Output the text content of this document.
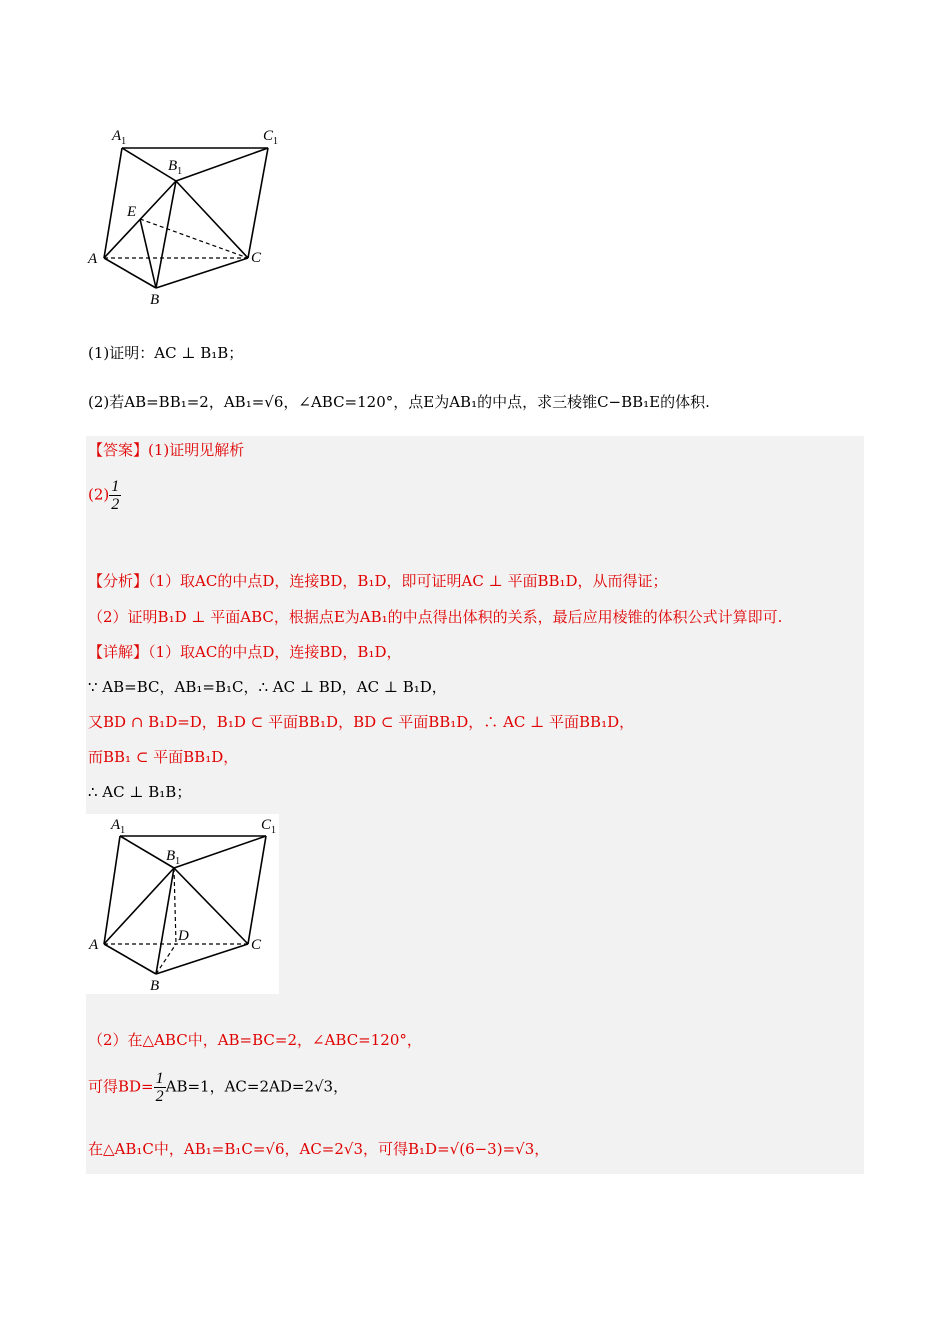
$A_1$	$C_1$
$B_1$
E
A	C
B
(1)证明：AC ⊥ B₁B；
(2)若AB=BB₁=2，AB₁=√6，∠ABC=120°，点E为AB₁的中点，求三棱锥C−BB₁E的体积.
【答案】(1)证明见解析
$(2) \frac{1}{2}$
【分析】（1）取AC的中点D，连接BD，B₁D，即可证明AC ⊥ 平面BB₁D，从而得证；
（2）证明B₁D ⊥ 平面ABC，根据点E为AB₁的中点得出体积的关系，最后应用棱锥的体积公式计算即可.
【详解】（1）取AC的中点D，连接BD，B₁D，
∵ AB=BC，AB₁=B₁C，∴ AC ⊥ BD，AC ⊥ B₁D，
又BD ∩ B₁D=D，B₁D ⊂ 平面BB₁D，BD ⊂ 平面BB₁D，∴ AC ⊥ 平面BB₁D，
而BB₁ ⊂ 平面BB₁D，
∴ AC ⊥ B₁B；
$A_1$	$C_1$
$B_1$
D
A	C
B
（2）在△ABC中，AB=BC=2，∠ABC=120°，
可得$BD= \frac{1}{2} AB=1$，AC=2AD=2√3，
在△AB₁C中，AB₁=B₁C=√6，AC=2√3，可得B₁D=√(6−3)=√3，
